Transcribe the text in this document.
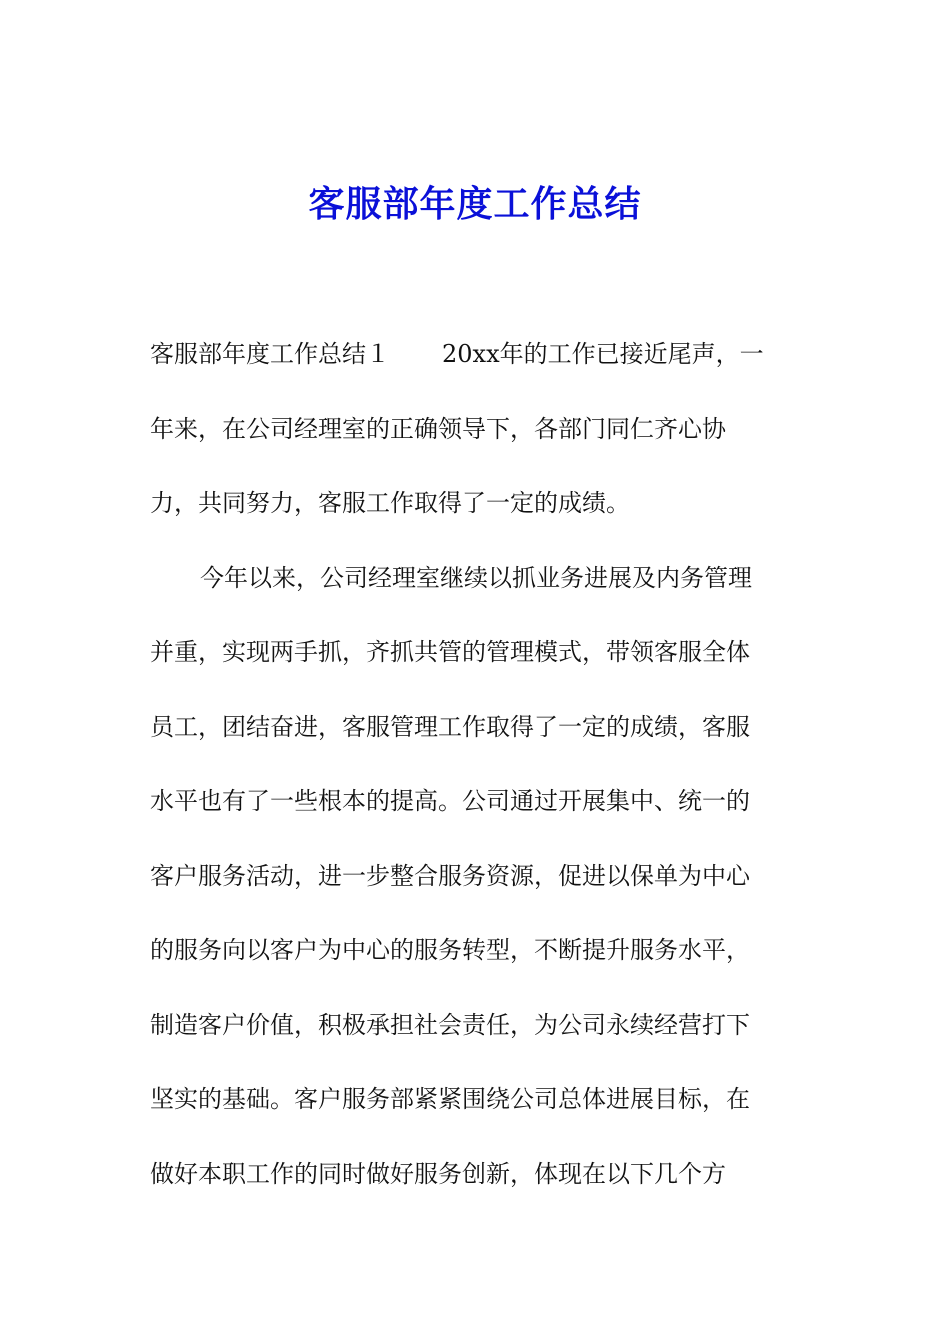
客服部年度工作总结
客服部年度工作总结１ 20xx年的工作已接近尾声，一
年来，在公司经理室的正确领导下，各部门同仁齐心协
力，共同努力，客服工作取得了一定的成绩。
今年以来，公司经理室继续以抓业务进展及内务管理
并重，实现两手抓，齐抓共管的管理模式，带领客服全体
员工，团结奋进，客服管理工作取得了一定的成绩，客服
水平也有了一些根本的提高。公司通过开展集中、统一的
客户服务活动，进一步整合服务资源，促进以保单为中心
的服务向以客户为中心的服务转型，不断提升服务水平，
制造客户价值，积极承担社会责任，为公司永续经营打下
坚实的基础。客户服务部紧紧围绕公司总体进展目标，在
做好本职工作的同时做好服务创新，体现在以下几个方
